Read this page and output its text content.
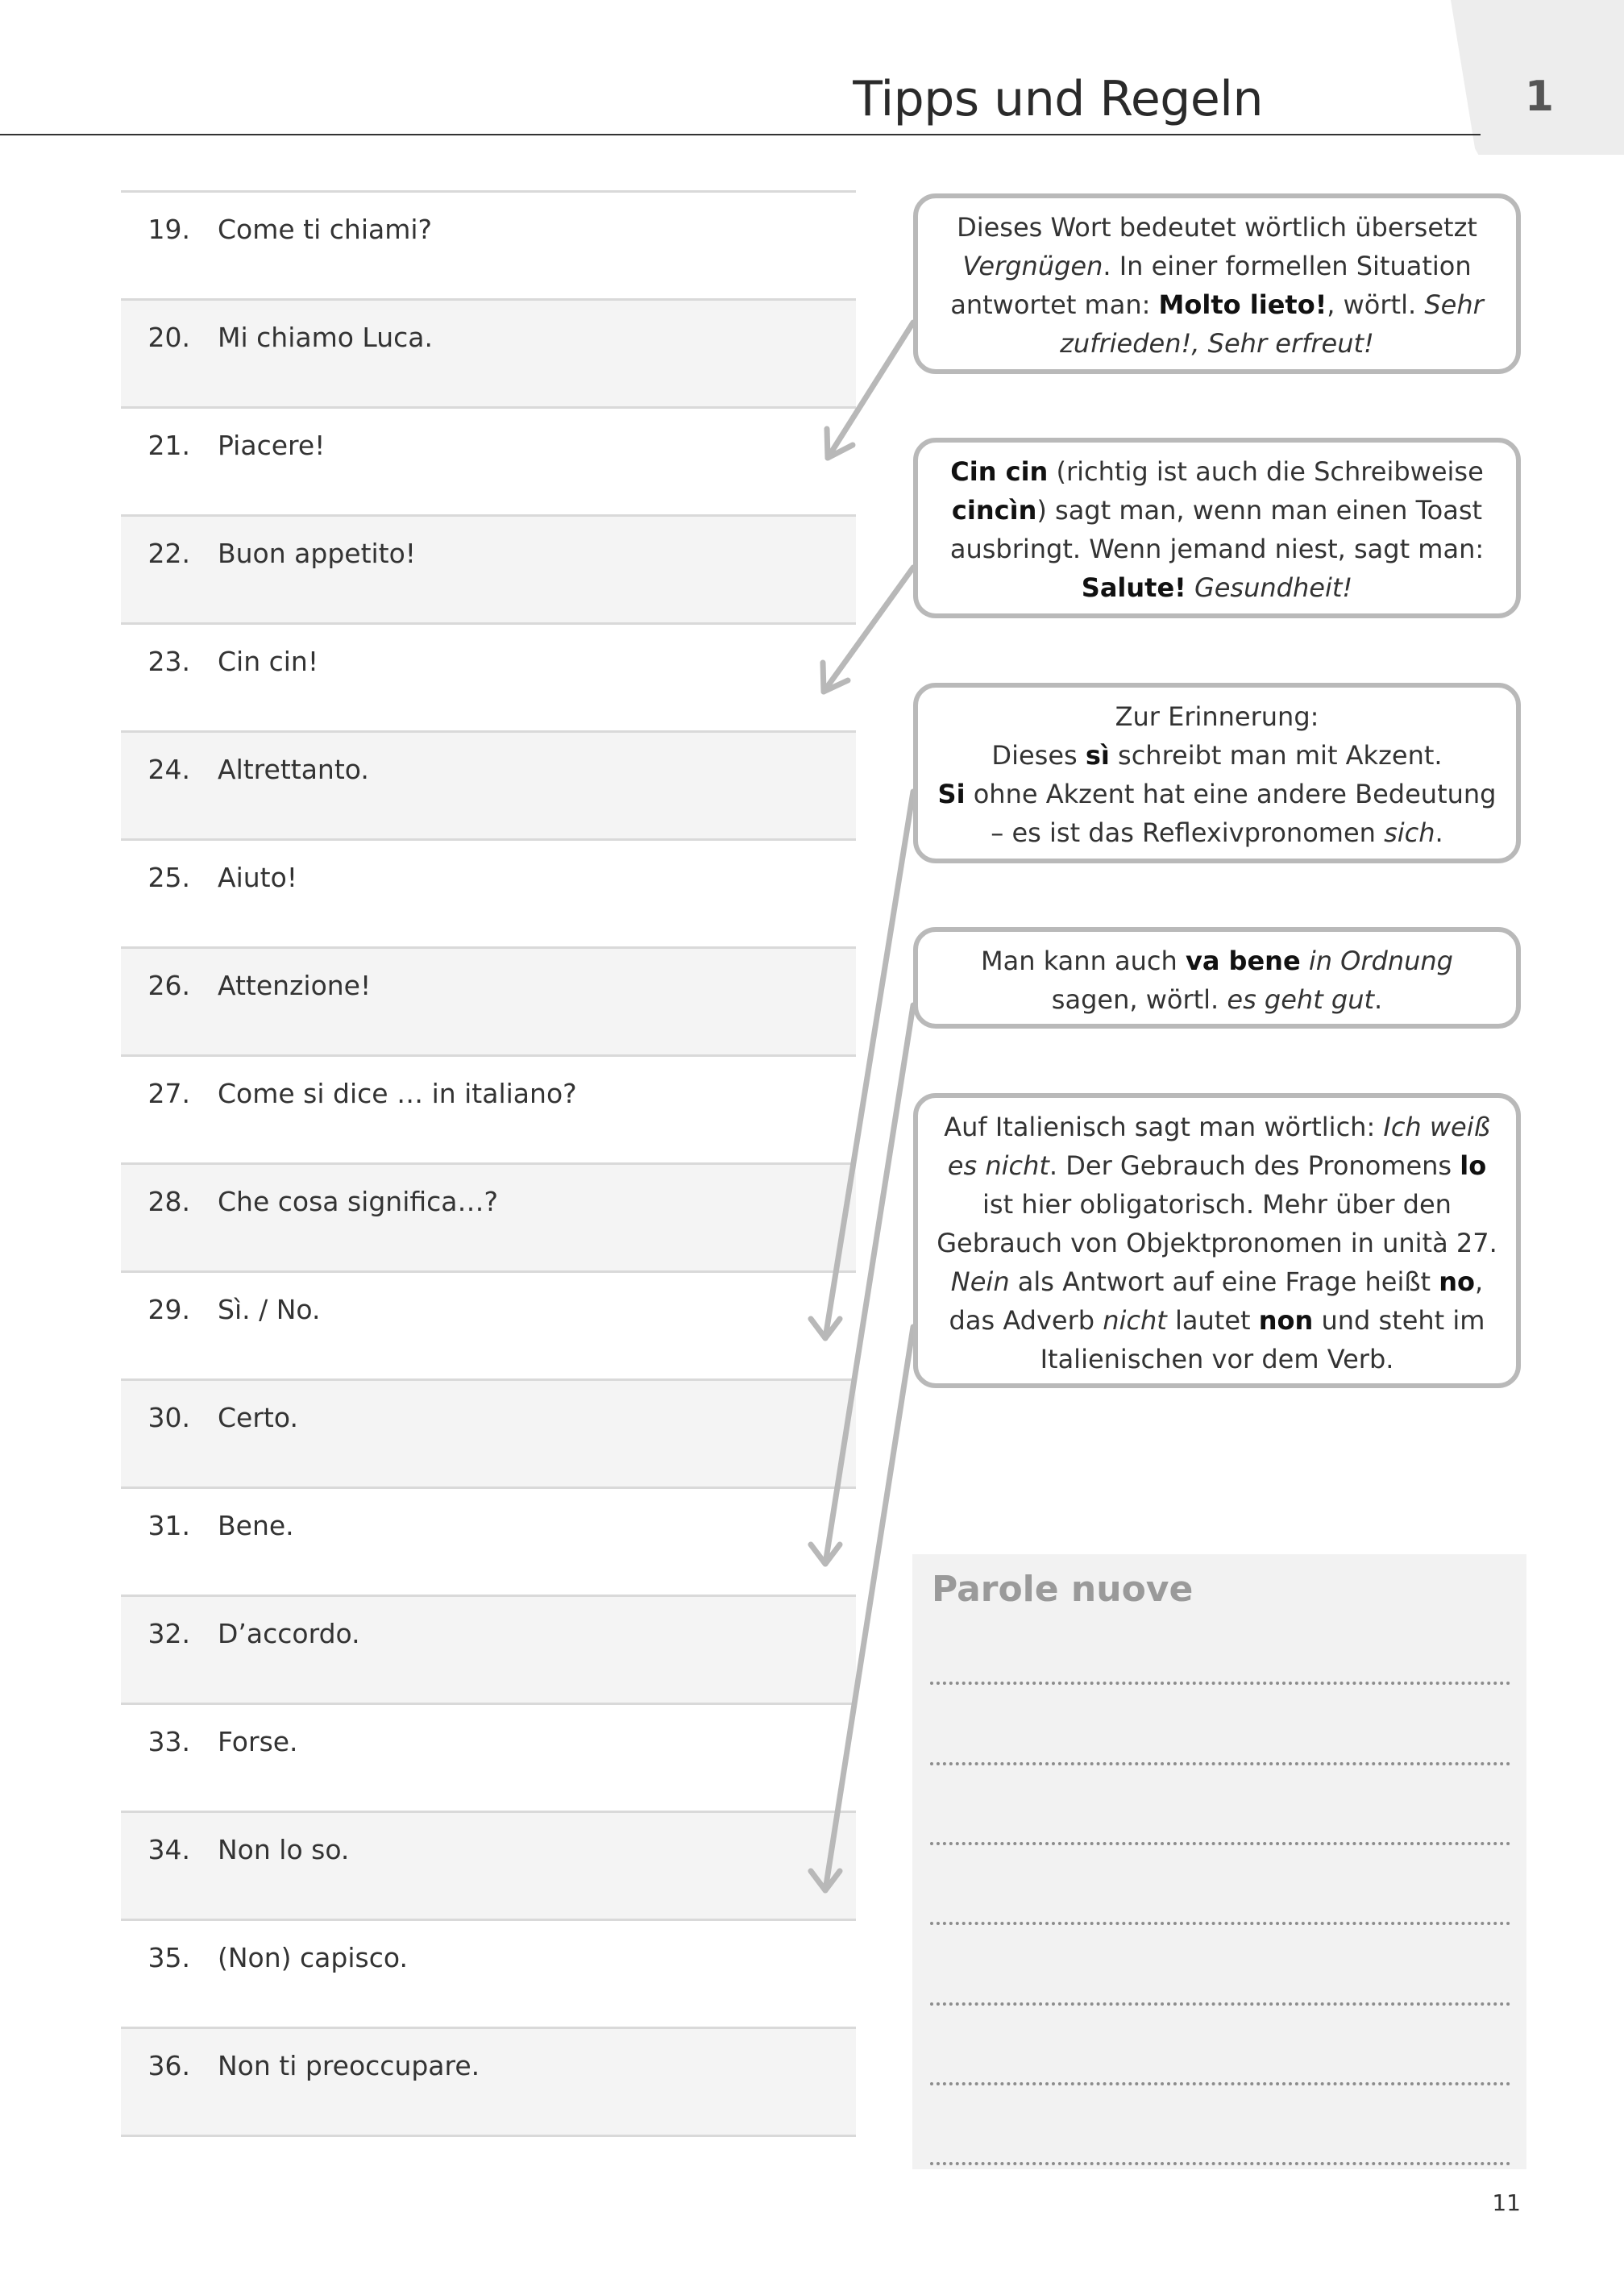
1
Tipps und Regeln
19. Come ti chiami?
20. Mi chiamo Luca.
21. Piacere!
22. Buon appetito!
23. Cin cin!
24. Altrettanto.
25. Aiuto!
26. Attenzione!
27. Come si dice … in italiano?
28. Che cosa significa…?
29. Sì. / No.
30. Certo.
31. Bene.
32. D’accordo.
33. Forse.
34. Non lo so.
35. (Non) capisco.
36. Non ti preoccupare.
Dieses Wort bedeutet wörtlich übersetzt Vergnügen. In einer formellen Situation antwortet man: Molto lieto!, wörtl. Sehr zufrieden!, Sehr erfreut!
Cin cin (richtig ist auch die Schreibweise cincìn) sagt man, wenn man einen Toast ausbringt. Wenn jemand niest, sagt man: Salute! Gesundheit!
Zur Erinnerung:
Dieses sì schreibt man mit Akzent.
Si ohne Akzent hat eine andere Bedeutung – es ist das Reflexivpronomen sich.
Man kann auch va bene in Ordnung sagen, wörtl. es geht gut.
Auf Italienisch sagt man wörtlich: Ich weiß es nicht. Der Gebrauch des Pronomens lo ist hier obligatorisch. Mehr über den Gebrauch von Objektpronomen in unità 27.
Nein als Antwort auf eine Frage heißt no, das Adverb nicht lautet non und steht im Italienischen vor dem Verb.
Parole nuove
11
